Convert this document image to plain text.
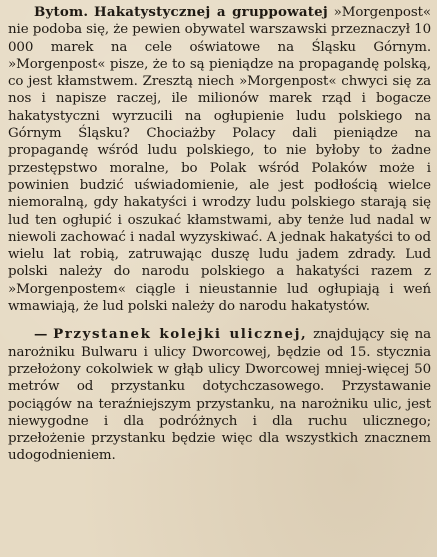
Bytom. Hakatystycznej a gruppowatej »Morgenpost« nie podoba się, że pewien obywatel warszawski przeznaczył 10 000 marek na cele oświatowe na Śląsku Górnym. »Morgenpost« pisze, że to są pieniądze na propagandę polską, co jest kłamstwem. Zresztą niech »Morgenpost« chwyci się za nos i napisze raczej, ile milionów marek rząd i bogacze hakatystyczni wyrzucili na ogłupienie ludu polskiego na Górnym Śląsku? Chociażby Polacy dali pieniądze na propagandę wśród ludu polskiego, to nie byłoby to żadne przestępstwo moralne, bo Polak wśród Polaków może i powinien budzić uświadomienie, ale jest podłością wielce niemoralną, gdy hakatyści i wrodzy ludu polskiego starają się lud ten ogłupić i oszukać kłamstwami, aby tenże lud nadal w niewoli zachować i nadal wyzyskiwać. A jednak hakatyści to od wielu lat robią, zatruwając duszę ludu jadem zdrady. Lud polski należy do narodu polskiego a hakatyści razem z »Morgenpostem« ciągle i nieustannie lud ogłupiają i weń wmawiają, że lud polski należy do narodu hakatystów.
— Przystanek kolejki ulicznej, znajdujący się na narożniku Bulwaru i ulicy Dworcowej, będzie od 15. stycznia przełożony cokolwiek w głąb ulicy Dworcowej mniej-więcej 50 metrów od przystanku dotychczasowego. Przystawanie pociągów na teraźniejszym przystanku, na narożniku ulic, jest niewygodne i dla podróżnych i dla ruchu ulicznego; przełożenie przystanku będzie więc dla wszystkich znacznem udogodnieniem.
